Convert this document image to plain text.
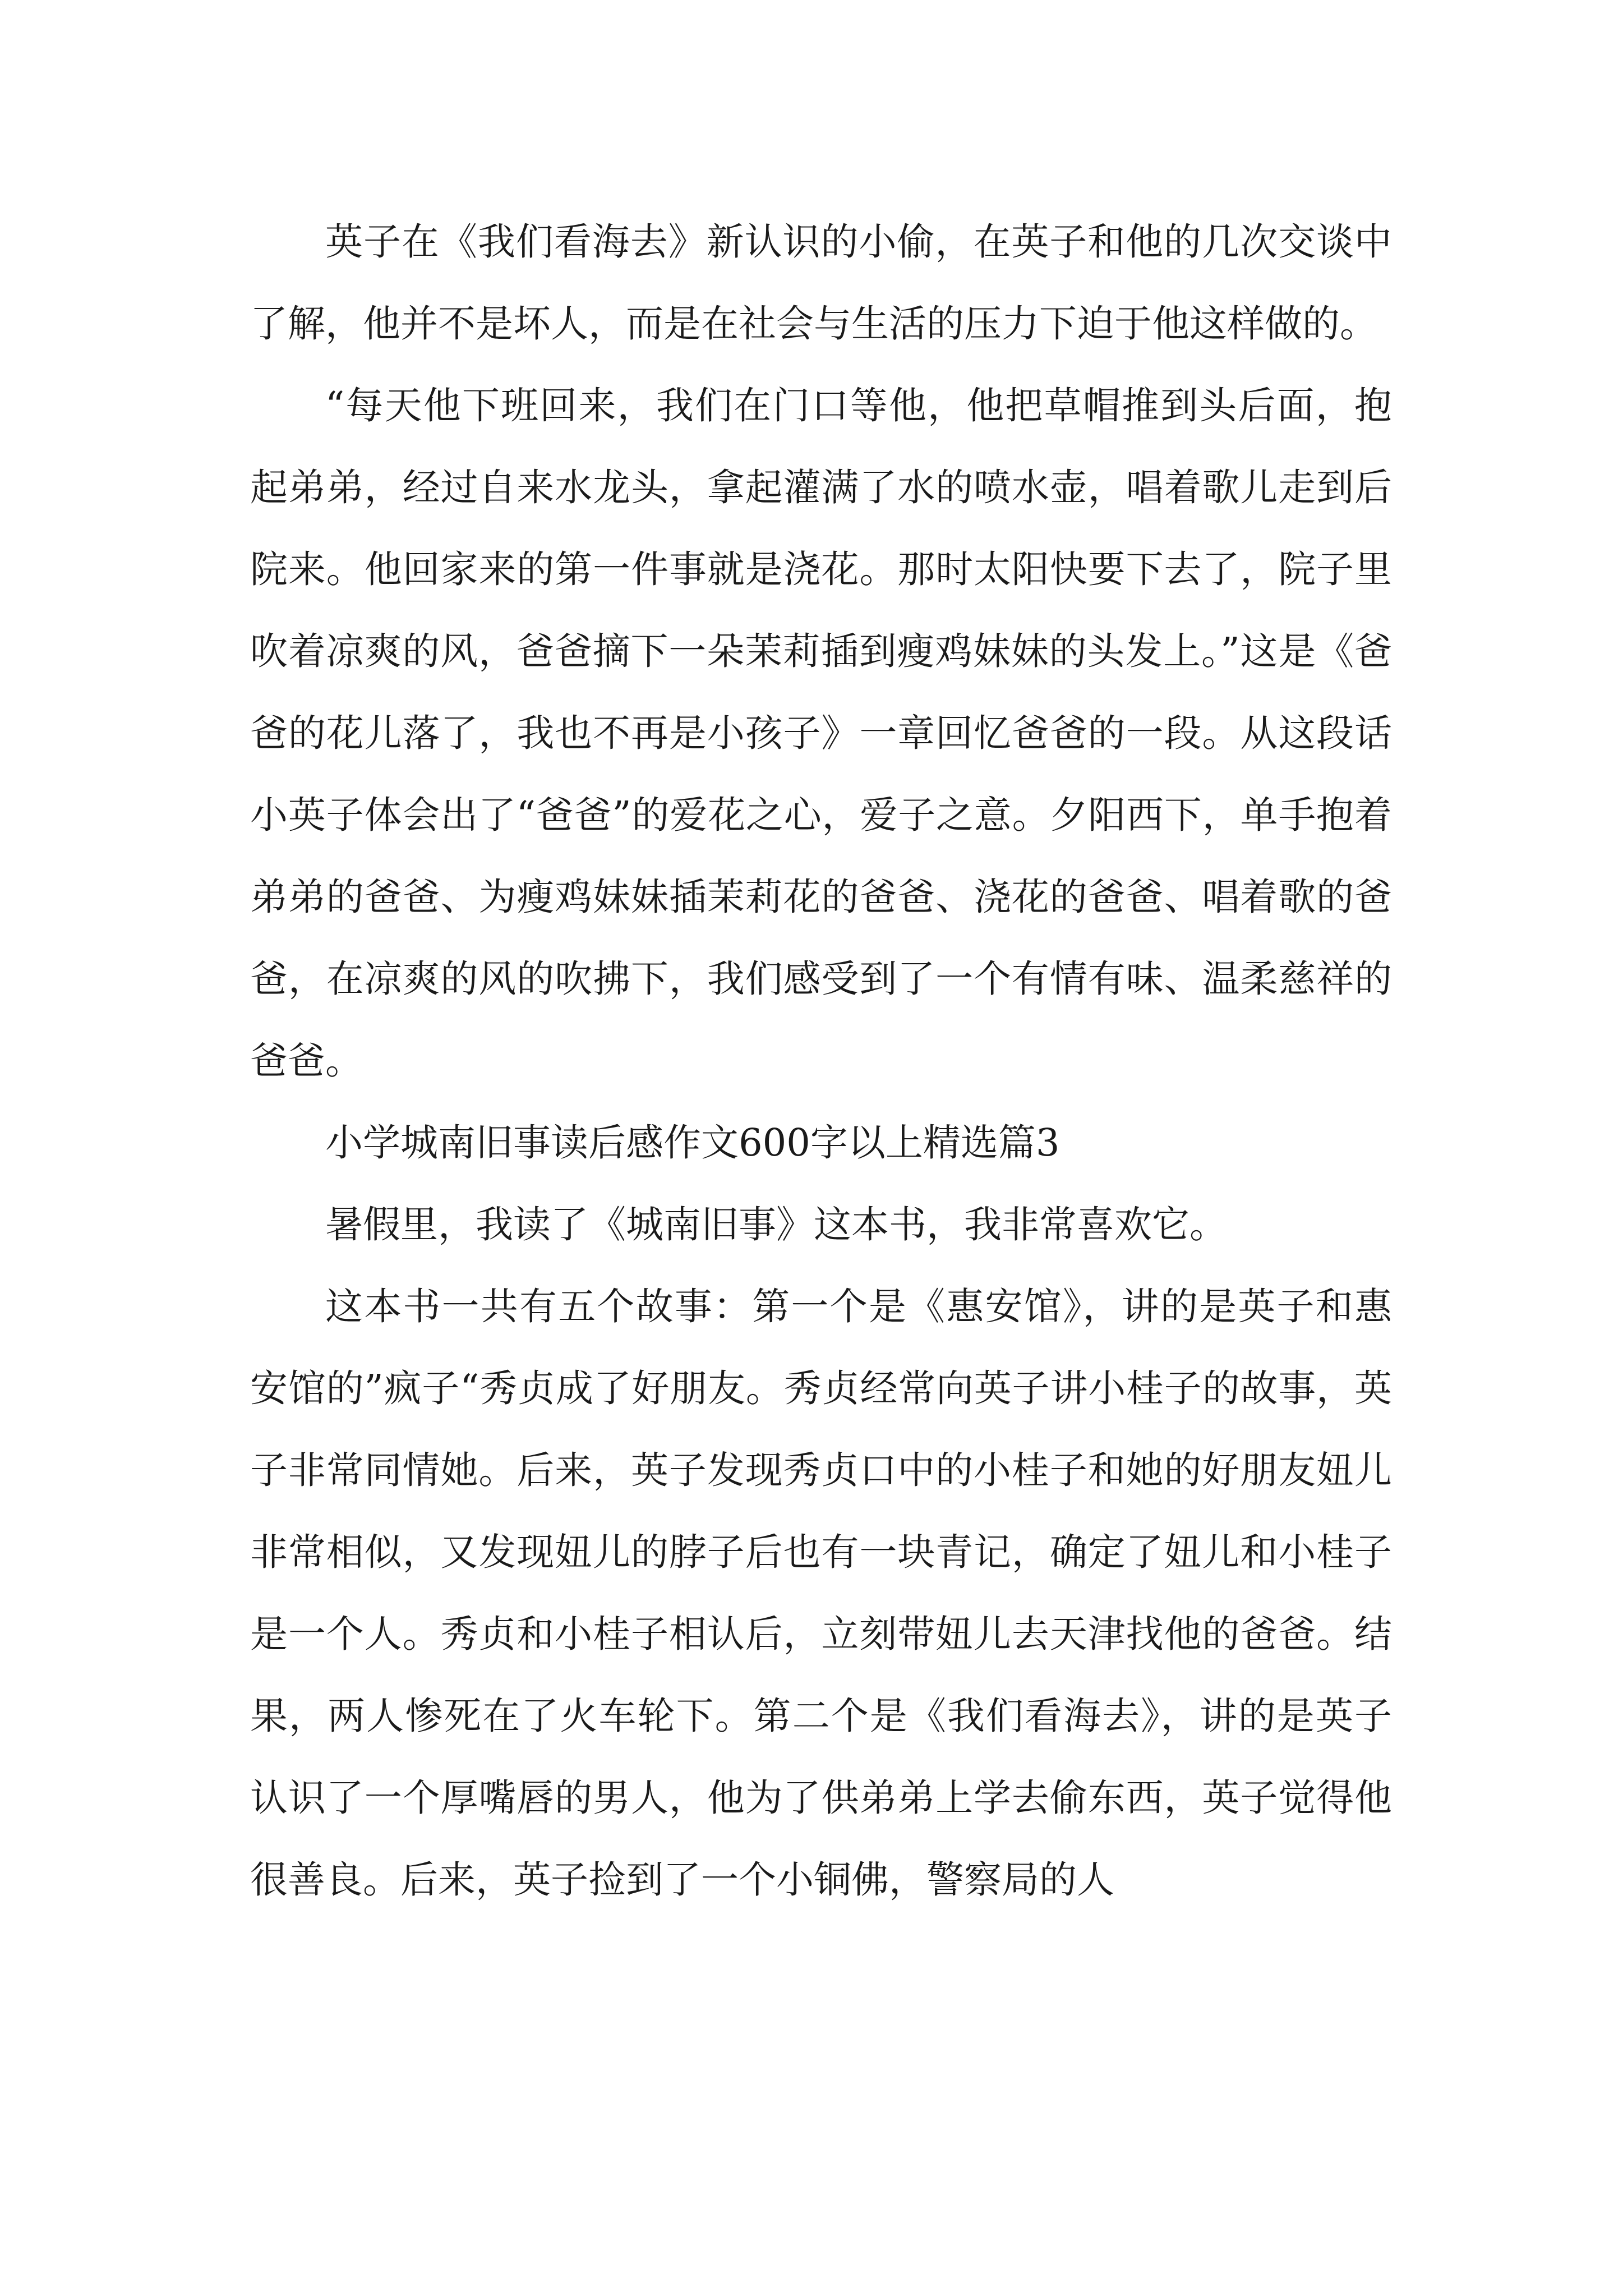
英子在《我们看海去》新认识的小偷，在英子和他的几次交谈中了解，他并不是坏人，而是在社会与生活的压力下迫于他这样做的。

“每天他下班回来，我们在门口等他，他把草帽推到头后面，抱起弟弟，经过自来水龙头，拿起灌满了水的喷水壶，唱着歌儿走到后院来。他回家来的第一件事就是浇花。那时太阳快要下去了，院子里吹着凉爽的风，爸爸摘下一朵茉莉插到瘦鸡妹妹的头发上。”这是《爸爸的花儿落了，我也不再是小孩子》一章回忆爸爸的一段。从这段话小英子体会出了“爸爸”的爱花之心，爱子之意。夕阳西下，单手抱着弟弟的爸爸、为瘦鸡妹妹插茉莉花的爸爸、浇花的爸爸、唱着歌的爸爸，在凉爽的风的吹拂下，我们感受到了一个有情有味、温柔慈祥的爸爸。

小学城南旧事读后感作文600字以上精选篇3

暑假里，我读了《城南旧事》这本书，我非常喜欢它。

这本书一共有五个故事：第一个是《惠安馆》，讲的是英子和惠安馆的”疯子“秀贞成了好朋友。秀贞经常向英子讲小桂子的故事，英子非常同情她。后来，英子发现秀贞口中的小桂子和她的好朋友妞儿非常相似，又发现妞儿的脖子后也有一块青记，确定了妞儿和小桂子是一个人。秀贞和小桂子相认后，立刻带妞儿去天津找他的爸爸。结果，两人惨死在了火车轮下。第二个是《我们看海去》，讲的是英子认识了一个厚嘴唇的男人，他为了供弟弟上学去偷东西，英子觉得他很善良。后来，英子捡到了一个小铜佛，警察局的人
